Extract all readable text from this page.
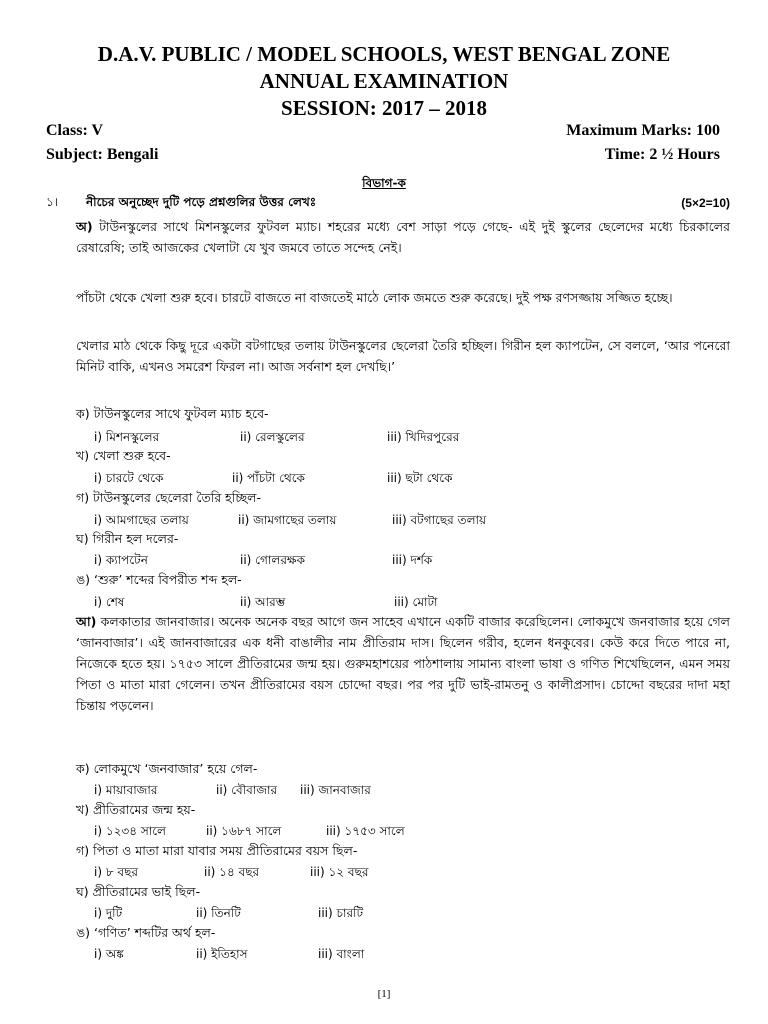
D.A.V. PUBLIC / MODEL SCHOOLS, WEST BENGAL ZONE
ANNUAL EXAMINATION
SESSION: 2017 – 2018
Class: V	Maximum Marks: 100
Subject: Bengali	Time: 2 ½ Hours
বিভাগ-ক
১। নীচের অনুচ্ছেদ দুটি পড়ে প্রশ্নগুলির উত্তর লেখঃ	(5×2=10)

অ) টাউনস্কুলের সাথে মিশনস্কুলের ফুটবল ম্যাচ। শহরের মধ্যে বেশ সাড়া পড়ে গেছে- এই দুই স্কুলের ছেলেদের মধ্যে চিরকালের রেষারেষি; তাই আজকের খেলাটা যে খুব জমবে তাতে সন্দেহ নেই।

পাঁচটা থেকে খেলা শুরু হবে। চারটে বাজতে না বাজতেই মাঠে লোক জমতে শুরু করেছে। দুই পক্ষ রণসজ্জায় সজ্জিত হচ্ছে।

খেলার মাঠ থেকে কিছু দূরে একটা বটগাছের তলায় টাউনস্কুলের ছেলেরা তৈরি হচ্ছিল। গিরীন হল ক্যাপটেন, সে বললে, ‘আর পনেরো মিনিট বাকি, এখনও সমরেশ ফিরল না। আজ সর্বনাশ হল দেখছি।’

ক) টাউনস্কুলের সাথে ফুটবল ম্যাচ হবে-
i) মিশনস্কুলের	ii) রেলস্কুলের	iii) খিদিরপুরের
খ) খেলা শুরু হবে-
i) চারটে থেকে	ii) পাঁচটা থেকে	iii) ছটা থেকে
গ) টাউনস্কুলের ছেলেরা তৈরি হচ্ছিল-
i) আমগাছের তলায়	ii) জামগাছের তলায়	iii) বটগাছের তলায়
ঘ) গিরীন হল দলের-
i) ক্যাপটেন	ii) গোলরক্ষক	iii) দর্শক
ঙ) ‘শুরু’ শব্দের বিপরীত শব্দ হল-
i) শেষ	ii) আরম্ভ	iii) মোটা

আ) কলকাতার জানবাজার। অনেক অনেক বছর আগে জন সাহেব এখানে একটি বাজার করেছিলেন। লোকমুখে জনবাজার হয়ে গেল ‘জানবাজার’। এই জানবাজারের এক ধনী বাঙালীর নাম প্রীতিরাম দাস। ছিলেন গরীব, হলেন ধনকুবের। কেউ করে দিতে পারে না, নিজেকে হতে হয়। ১৭৫৩ সালে প্রীতিরামের জন্ম হয়। গুরুমহাশয়ের পাঠশালায় সামান্য বাংলা ভাষা ও গণিত শিখেছিলেন, এমন সময় পিতা ও মাতা মারা গেলেন। তখন প্রীতিরামের বয়স চোদ্দো বছর। পর পর দুটি ভাই-রামতনু ও কালীপ্রসাদ। চোদ্দো বছরের দাদা মহা চিন্তায় পড়লেন।

ক) লোকমুখে ‘জনবাজার’ হয়ে গেল-
i) মায়াবাজার	ii) বৌবাজার iii) জানবাজার
খ) প্রীতিরামের জন্ম হয়-
i) ১২৩৪ সালে	ii) ১৬৮৭ সালে	iii) ১৭৫৩ সালে
গ) পিতা ও মাতা মারা যাবার সময় প্রীতিরামের বয়স ছিল-
i) ৮ বছর	ii) ১৪ বছর	iii) ১২ বছর
ঘ) প্রীতিরামের ভাই ছিল-
i) দুটি	ii) তিনটি	iii) চারটি
ঙ) ‘গণিত’ শব্দটির অর্থ হল-
i) অঙ্ক	ii) ইতিহাস	iii) বাংলা
[1]
